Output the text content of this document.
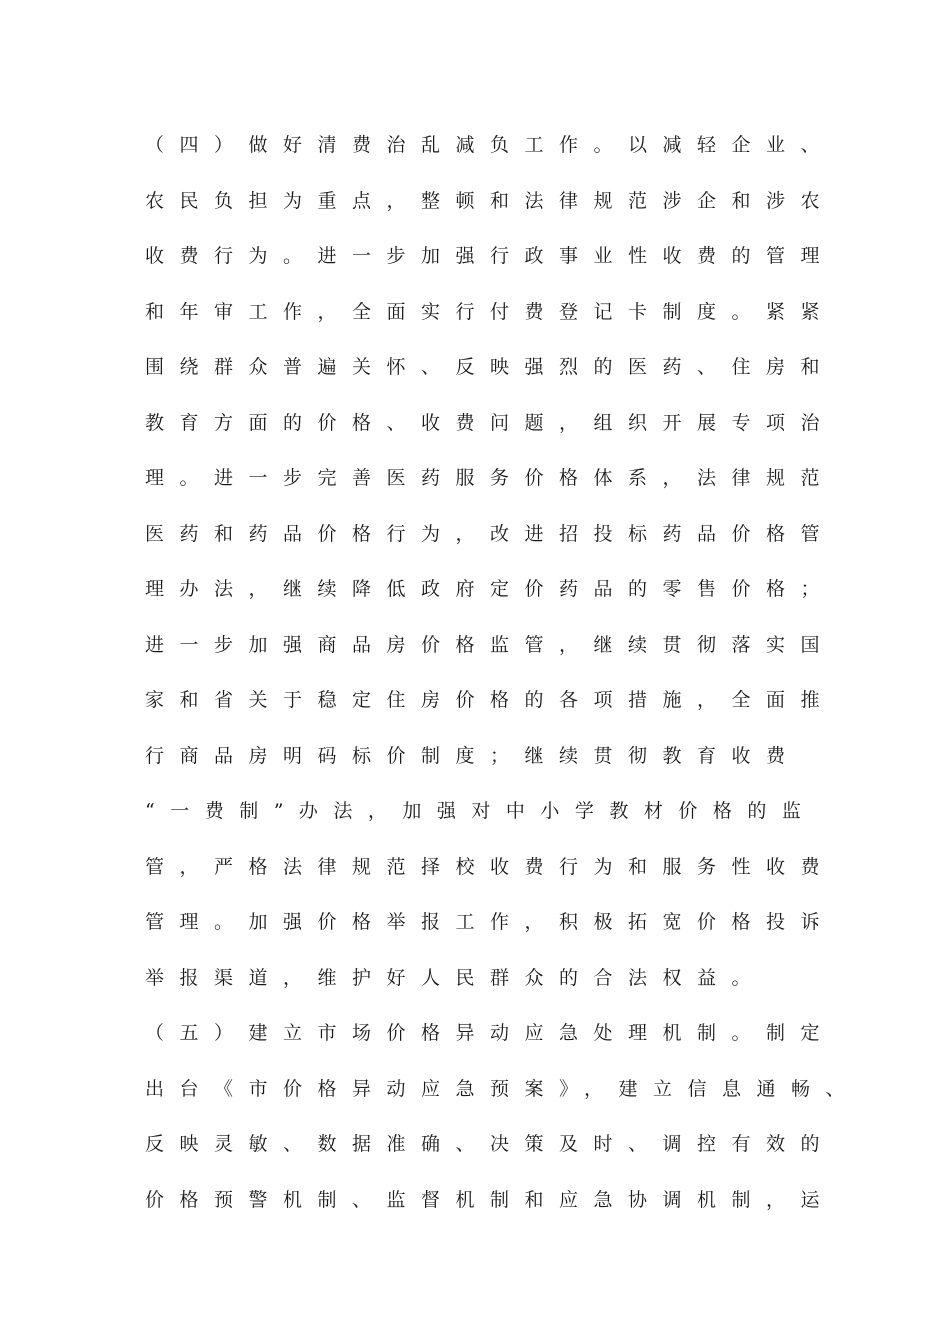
（四）做好清费治乱减负工作。以减轻企业、
农民负担为重点，整顿和法律规范涉企和涉农
收费行为。进一步加强行政事业性收费的管理
和年审工作，全面实行付费登记卡制度。紧紧
围绕群众普遍关怀、反映强烈的医药、住房和
教育方面的价格、收费问题，组织开展专项治
理。进一步完善医药服务价格体系，法律规范
医药和药品价格行为，改进招投标药品价格管
理办法，继续降低政府定价药品的零售价格；
进一步加强商品房价格监管，继续贯彻落实国
家和省关于稳定住房价格的各项措施，全面推
行商品房明码标价制度；继续贯彻教育收费
“一费制”办法，加强对中小学教材价格的监
管，严格法律规范择校收费行为和服务性收费
管理。加强价格举报工作，积极拓宽价格投诉
举报渠道，维护好人民群众的合法权益。
（五）建立市场价格异动应急处理机制。制定
出台《市价格异动应急预案》，建立信息通畅、
反映灵敏、数据准确、决策及时、调控有效的
价格预警机制、监督机制和应急协调机制，运
